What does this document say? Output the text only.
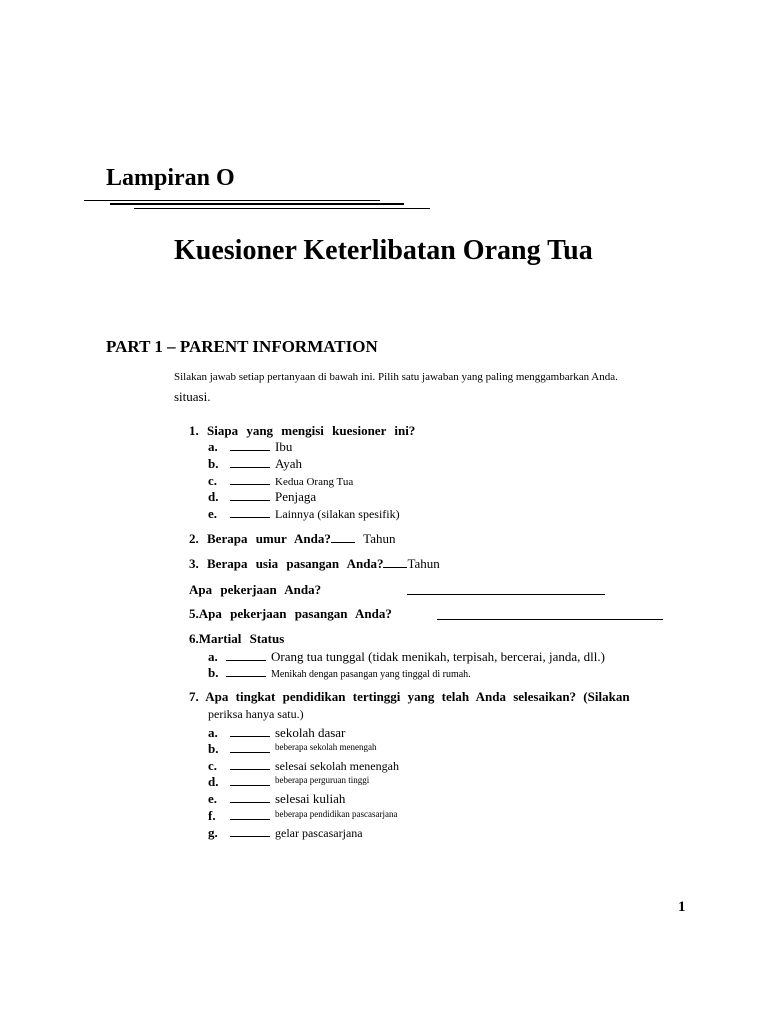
Lampiran O
Kuesioner Keterlibatan Orang Tua
PART 1 – PARENT INFORMATION
Silakan jawab setiap pertanyaan di bawah ini. Pilih satu jawaban yang paling menggambarkan Anda.
situasi.
1. Siapa yang mengisi kuesioner ini?
a.	Ibu
b.	Ayah
c.	Kedua Orang Tua
d.	Penjaga
e.	Lainnya (silakan spesifik)
2. Berapa umur Anda? Tahun
3. Berapa usia pasangan Anda? Tahun
Apa pekerjaan Anda?
5.Apa pekerjaan pasangan Anda?
6.Martial Status
a.	Orang tua tunggal (tidak menikah, terpisah, bercerai, janda, dll.)
b.	Menikah dengan pasangan yang tinggal di rumah.
7. Apa tingkat pendidikan tertinggi yang telah Anda selesaikan? (Silakan
periksa hanya satu.)
a.	sekolah dasar
b.	$^{beberapa sekolah menengah}$
c.	selesai sekolah menengah
d.	$^{beberapa perguruan tinggi}$
e.	selesai kuliah
f.	$^{beberapa pendidikan pascasarjana}$
g.	gelar pascasarjana
1
